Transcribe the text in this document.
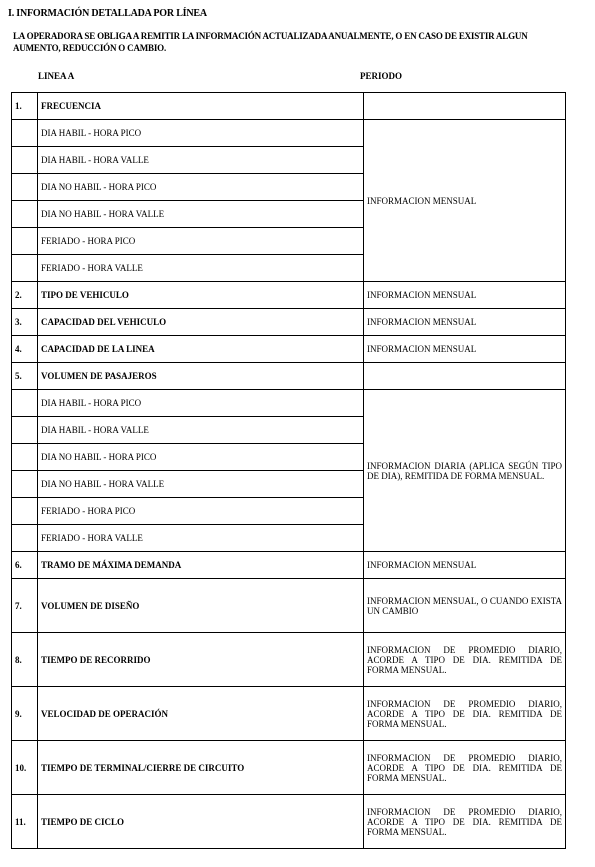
I. INFORMACIÓN DETALLADA POR LÍNEA
LA OPERADORA SE OBLIGA A REMITIR LA INFORMACIÓN ACTUALIZADA ANUALMENTE, O EN CASO DE EXISTIR ALGUN AUMENTO, REDUCCIÓN O CAMBIO.
LINEA A	PERIODO
1.	FRECUENCIA	
	DIA HABIL - HORA PICO	INFORMACION MENSUAL
	DIA HABIL - HORA VALLE	
	DIA NO HABIL - HORA PICO	
	DIA NO HABIL - HORA VALLE	
	FERIADO - HORA PICO	
	FERIADO - HORA VALLE	
2.	TIPO DE VEHICULO	INFORMACION MENSUAL
3.	CAPACIDAD DEL VEHICULO	INFORMACION MENSUAL
4.	CAPACIDAD DE LA LINEA	INFORMACION MENSUAL
5.	VOLUMEN DE PASAJEROS	
	DIA HABIL - HORA PICO	INFORMACION DIARIA (APLICA SEGÚN TIPO DE DIA), REMITIDA DE FORMA MENSUAL.
	DIA HABIL - HORA VALLE	
	DIA NO HABIL - HORA PICO	
	DIA NO HABIL - HORA VALLE	
	FERIADO - HORA PICO	
	FERIADO - HORA VALLE	
6.	TRAMO DE MÁXIMA DEMANDA	INFORMACION MENSUAL
7.	VOLUMEN DE DISEÑO	INFORMACION MENSUAL, O CUANDO EXISTA UN CAMBIO
8.	TIEMPO DE RECORRIDO	INFORMACION DE PROMEDIO DIARIO, ACORDE A TIPO DE DIA. REMITIDA DE FORMA MENSUAL.
9.	VELOCIDAD DE OPERACIÓN	INFORMACION DE PROMEDIO DIARIO, ACORDE A TIPO DE DIA. REMITIDA DE FORMA MENSUAL.
10.	TIEMPO DE TERMINAL/CIERRE DE CIRCUITO	INFORMACION DE PROMEDIO DIARIO, ACORDE A TIPO DE DIA. REMITIDA DE FORMA MENSUAL.
11.	TIEMPO DE CICLO	INFORMACION DE PROMEDIO DIARIO, ACORDE A TIPO DE DIA. REMITIDA DE FORMA MENSUAL.
